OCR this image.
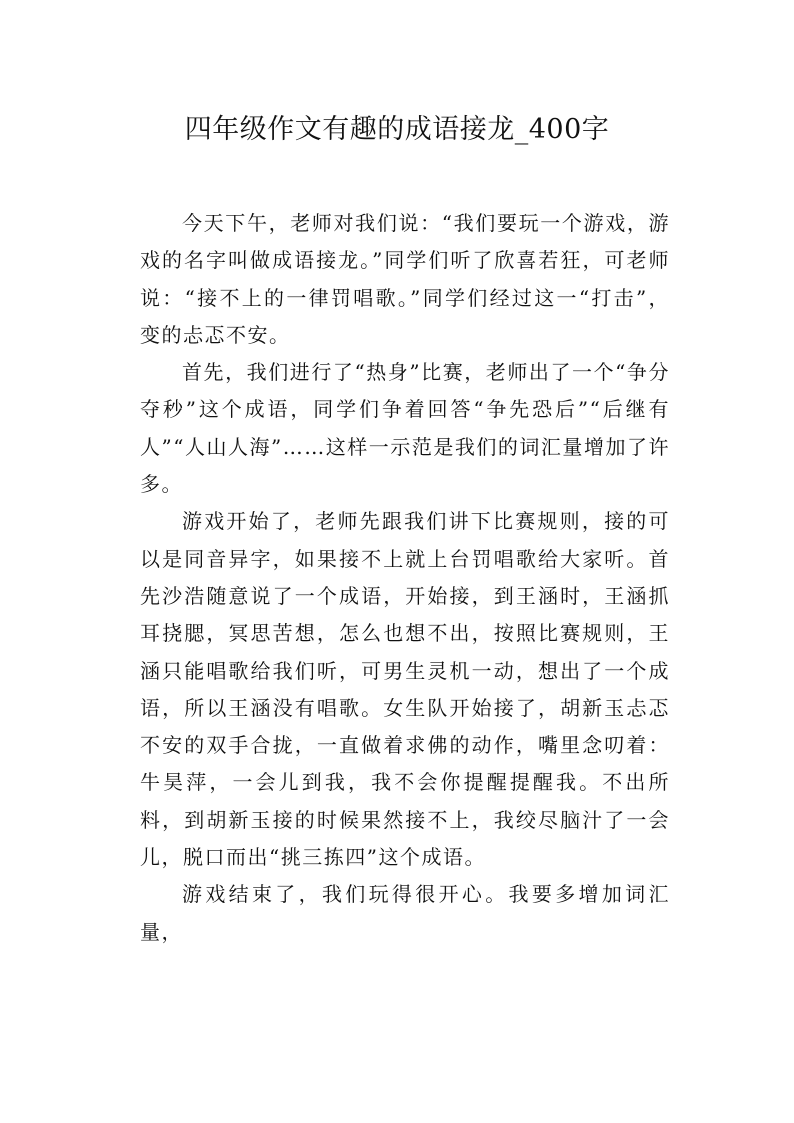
四年级作文有趣的成语接龙_400字

今天下午，老师对我们说：“我们要玩一个游戏，游戏的名字叫做成语接龙。”同学们听了欣喜若狂，可老师说：“接不上的一律罚唱歌。”同学们经过这一“打击”，变的忐忑不安。

首先，我们进行了“热身”比赛，老师出了一个“争分夺秒”这个成语，同学们争着回答“争先恐后”“后继有人”“人山人海”……这样一示范是我们的词汇量增加了许多。

游戏开始了，老师先跟我们讲下比赛规则，接的可以是同音异字，如果接不上就上台罚唱歌给大家听。首先沙浩随意说了一个成语，开始接，到王涵时，王涵抓耳挠腮，冥思苦想，怎么也想不出，按照比赛规则，王涵只能唱歌给我们听，可男生灵机一动，想出了一个成语，所以王涵没有唱歌。女生队开始接了，胡新玉忐忑不安的双手合拢，一直做着求佛的动作，嘴里念叨着：牛昊萍，一会儿到我，我不会你提醒提醒我。不出所料，到胡新玉接的时候果然接不上，我绞尽脑汁了一会儿，脱口而出“挑三拣四”这个成语。

游戏结束了，我们玩得很开心。我要多增加词汇量，
